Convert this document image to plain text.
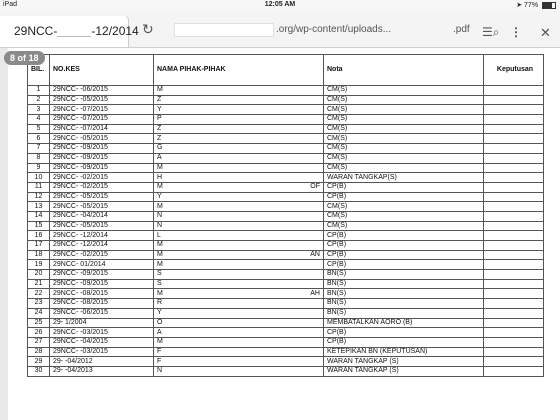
iPad	12:05 AM	➤ 77%
29NCC-	-12/2014 ↻	.org/wp-content/uploads...	.pdf ☰⌕ ⋮ ✕
BIL.	NO.KES	NAMA PIHAK-PIHAK	Nota	Keputusan
1	29NCC- -06/2015	M	CM(S)	
2	29NCC- -05/2015	Z	CM(S)	
3	29NCC- -07/2015	Y	CM(S)	
4	29NCC- -07/2015	P	CM(S)	
5	29NCC- -07/2014	Z	CM(S)	
6	29NCC- -05/2015	Z	CM(S)	
7	29NCC- -09/2015	G	CM(S)	
8	29NCC- -09/2015	A	CM(S)	
9	29NCC- -09/2015	M	CM(S)	
10	29NCC- -02/2015	H	WARAN TANGKAP(S)	
11	29NCC- -02/2015	M OF	CP(B)	
12	29NCC- -05/2015	Y	CP(B)	
13	29NCC- -05/2015	M	CM(S)	
14	29NCC- -04/2014	N	CM(S)	
15	29NCC- -05/2015	N	CM(S)	
16	29NCC- -12/2014	L	CP(B)	
17	29NCC- -12/2014	M	CP(B)	
18	29NCC- -02/2015	M AN	CP(B)	
19	29NCC- 01/2014	M	CP(B)	
20	29NCC- -09/2015	S	BN(S)	
21	29NCC- -09/2015	S	BN(S)	
22	29NCC- -08/2015	M AH	BN(S)	
23	29NCC- -08/2015	R	BN(S)	
24	29NCC- -06/2015	Y	BN(S)	
25	29- 1/2004	O	MEMBATALKAN AORO (B)	
26	29NCC- -03/2015	A	CP(B)	
27	29NCC- -04/2015	M	CP(B)	
28	29NCC- -03/2015	F	KETEPIKAN BN (KEPUTUSAN)	
29	29- -04/2012	F	WARAN TANGKAP (S)	
30	29- -04/2013	N	WARAN TANGKAP (S)	
8 of 18
